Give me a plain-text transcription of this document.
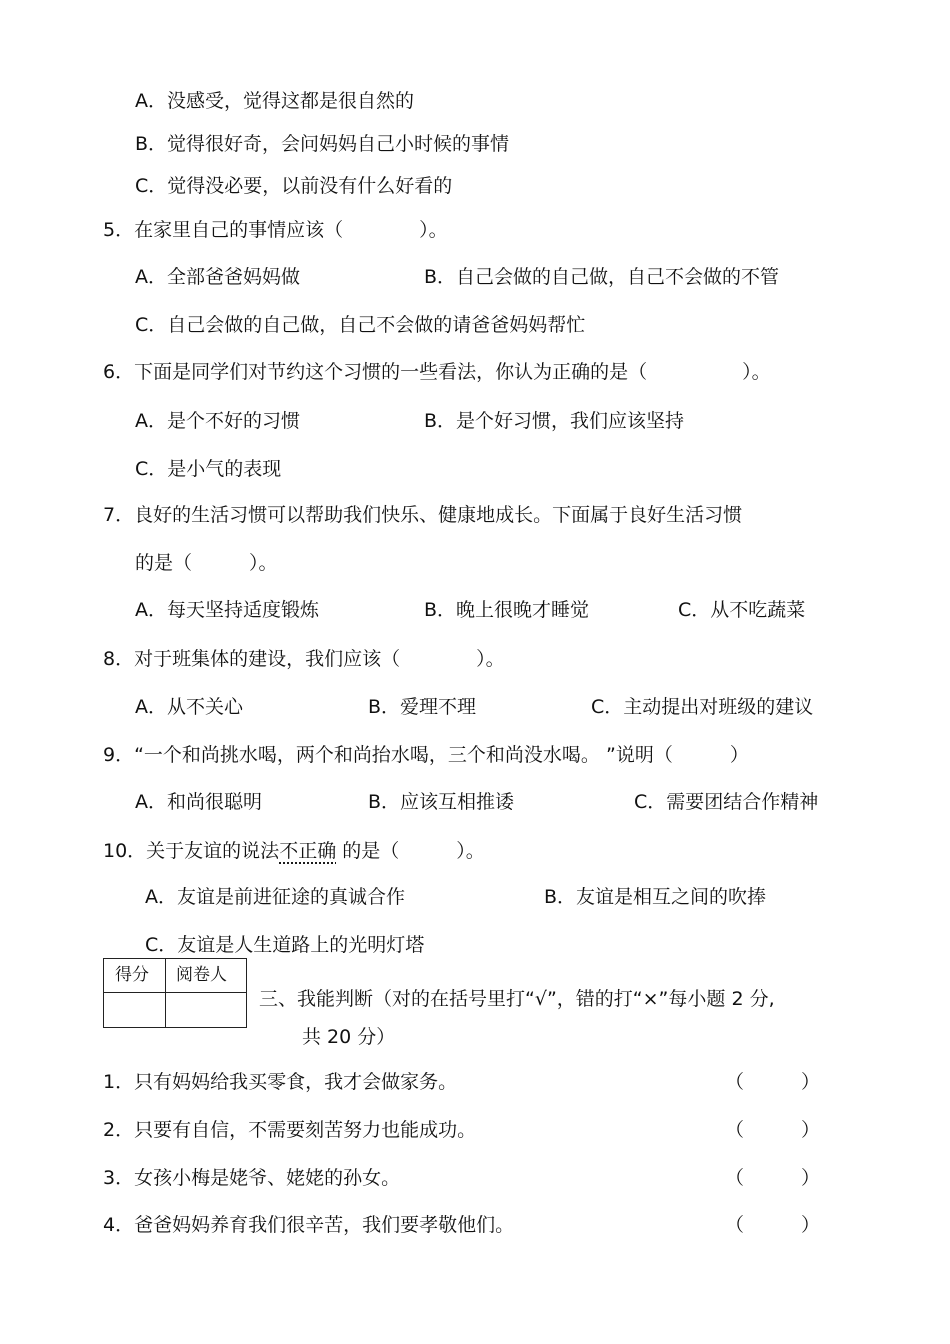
A．没感受，觉得这都是很自然的
B．觉得很好奇，会问妈妈自己小时候的事情
C．觉得没必要，以前没有什么好看的
5．在家里自己的事情应该（　　　　）。
A．全部爸爸妈妈做	B．自己会做的自己做，自己不会做的不管
C．自己会做的自己做，自己不会做的请爸爸妈妈帮忙
6．下面是同学们对节约这个习惯的一些看法，你认为正确的是（　　　　　）。
A．是个不好的习惯	B．是个好习惯，我们应该坚持
C．是小气的表现
7．良好的生活习惯可以帮助我们快乐、健康地成长。下面属于良好生活习惯
的是（　　　）。
A．每天坚持适度锻炼	B．晚上很晚才睡觉	C．从不吃蔬菜
8．对于班集体的建设，我们应该（　　　　）。
A．从不关心	B．爱理不理	C．主动提出对班级的建议
9．“一个和尚挑水喝，两个和尚抬水喝，三个和尚没水喝。 ”说明（　　　）
A．和尚很聪明	B．应该互相推诿	C．需要团结合作精神
10．关于友谊的说法不正确 的是（　　　）。
A．友谊是前进征途的真诚合作	B．友谊是相互之间的吹捧
C．友谊是人生道路上的光明灯塔
得分 阅卷人
三、我能判断（对的在括号里打“√”，错的打“×”每小题 2 分,
共 20 分）
1．只有妈妈给我买零食，我才会做家务。	（　　　）
2．只要有自信，不需要刻苦努力也能成功。	（　　　）
3．女孩小梅是姥爷、姥姥的孙女。	（　　　）
4．爸爸妈妈养育我们很辛苦，我们要孝敬他们。	（　　　）
